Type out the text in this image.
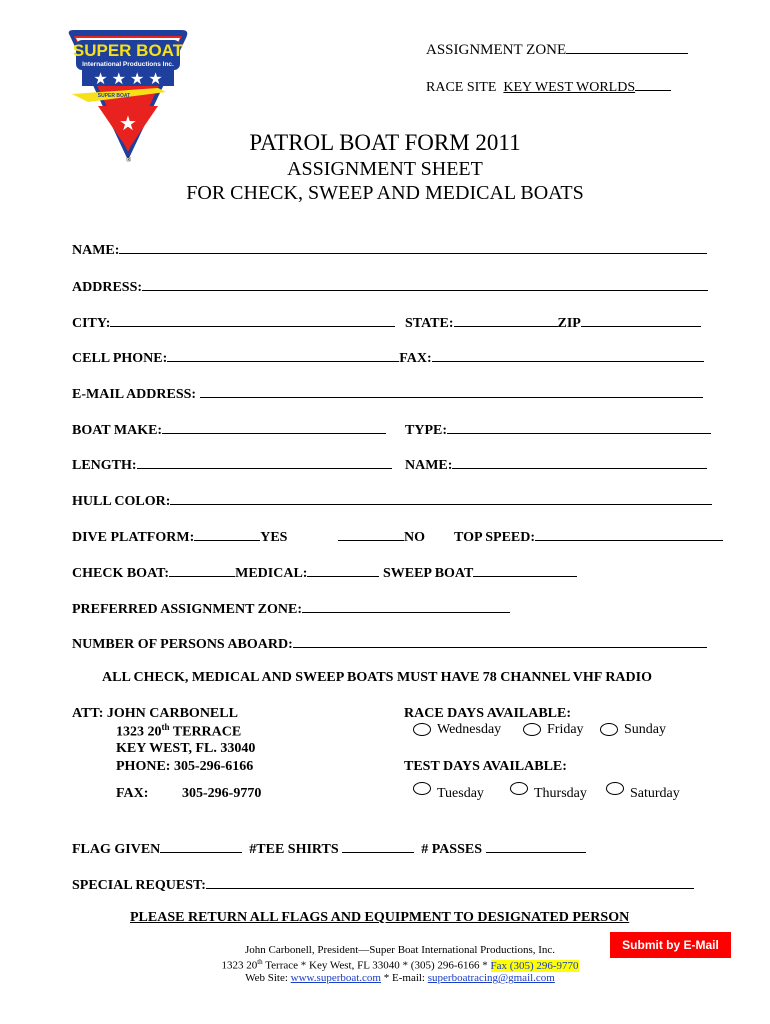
SUPER BOAT
International Productions Inc.
★ ★ ★ ★
SUPER BOAT
★
®
ASSIGNMENT ZONE
RACE SITE KEY WEST WORLDS
PATROL BOAT FORM 2011
ASSIGNMENT SHEET
FOR CHECK, SWEEP AND MEDICAL BOATS
NAME:
ADDRESS:
CITY:	STATE:	ZIP
CELL PHONE:	FAX:
E-MAIL ADDRESS:
BOAT MAKE:	TYPE:
LENGTH:	NAME:
HULL COLOR:
DIVE PLATFORM:	YES	NO TOP SPEED:
CHECK BOAT:	MEDICAL:	SWEEP BOAT
PREFERRED ASSIGNMENT ZONE:
NUMBER OF PERSONS ABOARD:
ALL CHECK, MEDICAL AND SWEEP BOATS MUST HAVE 78 CHANNEL VHF RADIO
ATT: JOHN CARBONELL
1323 20th TERRACE
KEY WEST, FL. 33040
PHONE: 305-296-6166
FAX: 305-296-9770
RACE DAYS AVAILABLE:
Wednesday	Friday	Sunday
TEST DAYS AVAILABLE:
Tuesday	Thursday	Saturday
FLAG GIVEN	#TEE SHIRTS	# PASSES
SPECIAL REQUEST:
PLEASE RETURN ALL FLAGS AND EQUIPMENT TO DESIGNATED PERSON
John Carbonell, President—Super Boat International Productions, Inc.
1323 20th Terrace * Key West, FL 33040 * (305) 296-6166 * Fax (305) 296-9770
Web Site: www.superboat.com * E-mail: superboatracing@gmail.com
Submit by E-Mail
